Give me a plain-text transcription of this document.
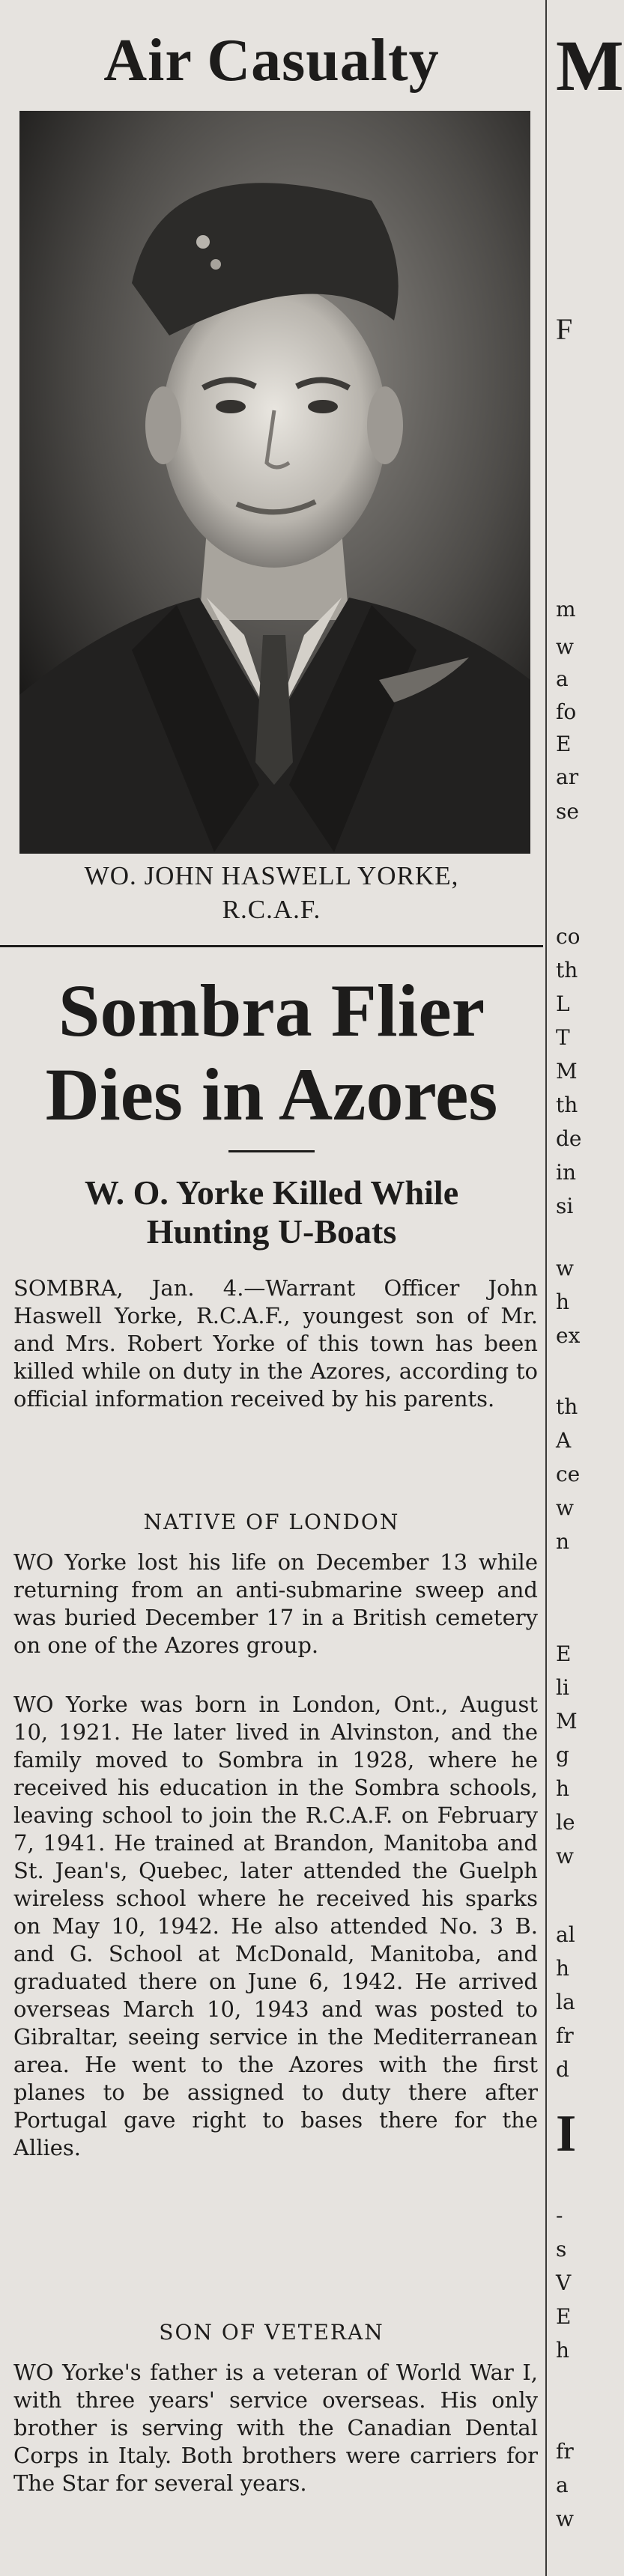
Air Casualty
WO. JOHN HASWELL YORKE,
R.C.A.F.
Sombra Flier
Dies in Azores
W. O. Yorke Killed While
Hunting U-Boats
SOMBRA, Jan. 4.—Warrant Officer John Haswell Yorke, R.C.A.F., youngest son of Mr. and Mrs. Robert Yorke of this town has been killed while on duty in the Azores, according to official information received by his parents.
NATIVE OF LONDON
WO Yorke lost his life on December 13 while returning from an anti-submarine sweep and was buried December 17 in a British cemetery on one of the Azores group.
WO Yorke was born in London, Ont., August 10, 1921. He later lived in Alvinston, and the family moved to Sombra in 1928, where he received his education in the Sombra schools, leaving school to join the R.C.A.F. on February 7, 1941. He trained at Brandon, Manitoba and St. Jean's, Quebec, later attended the Guelph wireless school where he received his sparks on May 10, 1942. He also attended No. 3 B. and G. School at McDonald, Manitoba, and graduated there on June 6, 1942. He arrived overseas March 10, 1943 and was posted to Gibraltar, seeing service in the Mediterranean area. He went to the Azores with the first planes to be assigned to duty there after Portugal gave right to bases there for the Allies.
SON OF VETERAN
WO Yorke's father is a veteran of World War I, with three years' service overseas. His only brother is serving with the Canadian Dental Corps in Italy. Both brothers were carriers for The Star for several years.
M
F
m
w
a
fo
E
ar
se
co
th
L
T
M
th
de
in
si
w
h
ex
th
A
ce
w
n
E
li
M
g
h
le
w
al
h
la
fr
d
I
-
s
V
E
h
fr
a
w
